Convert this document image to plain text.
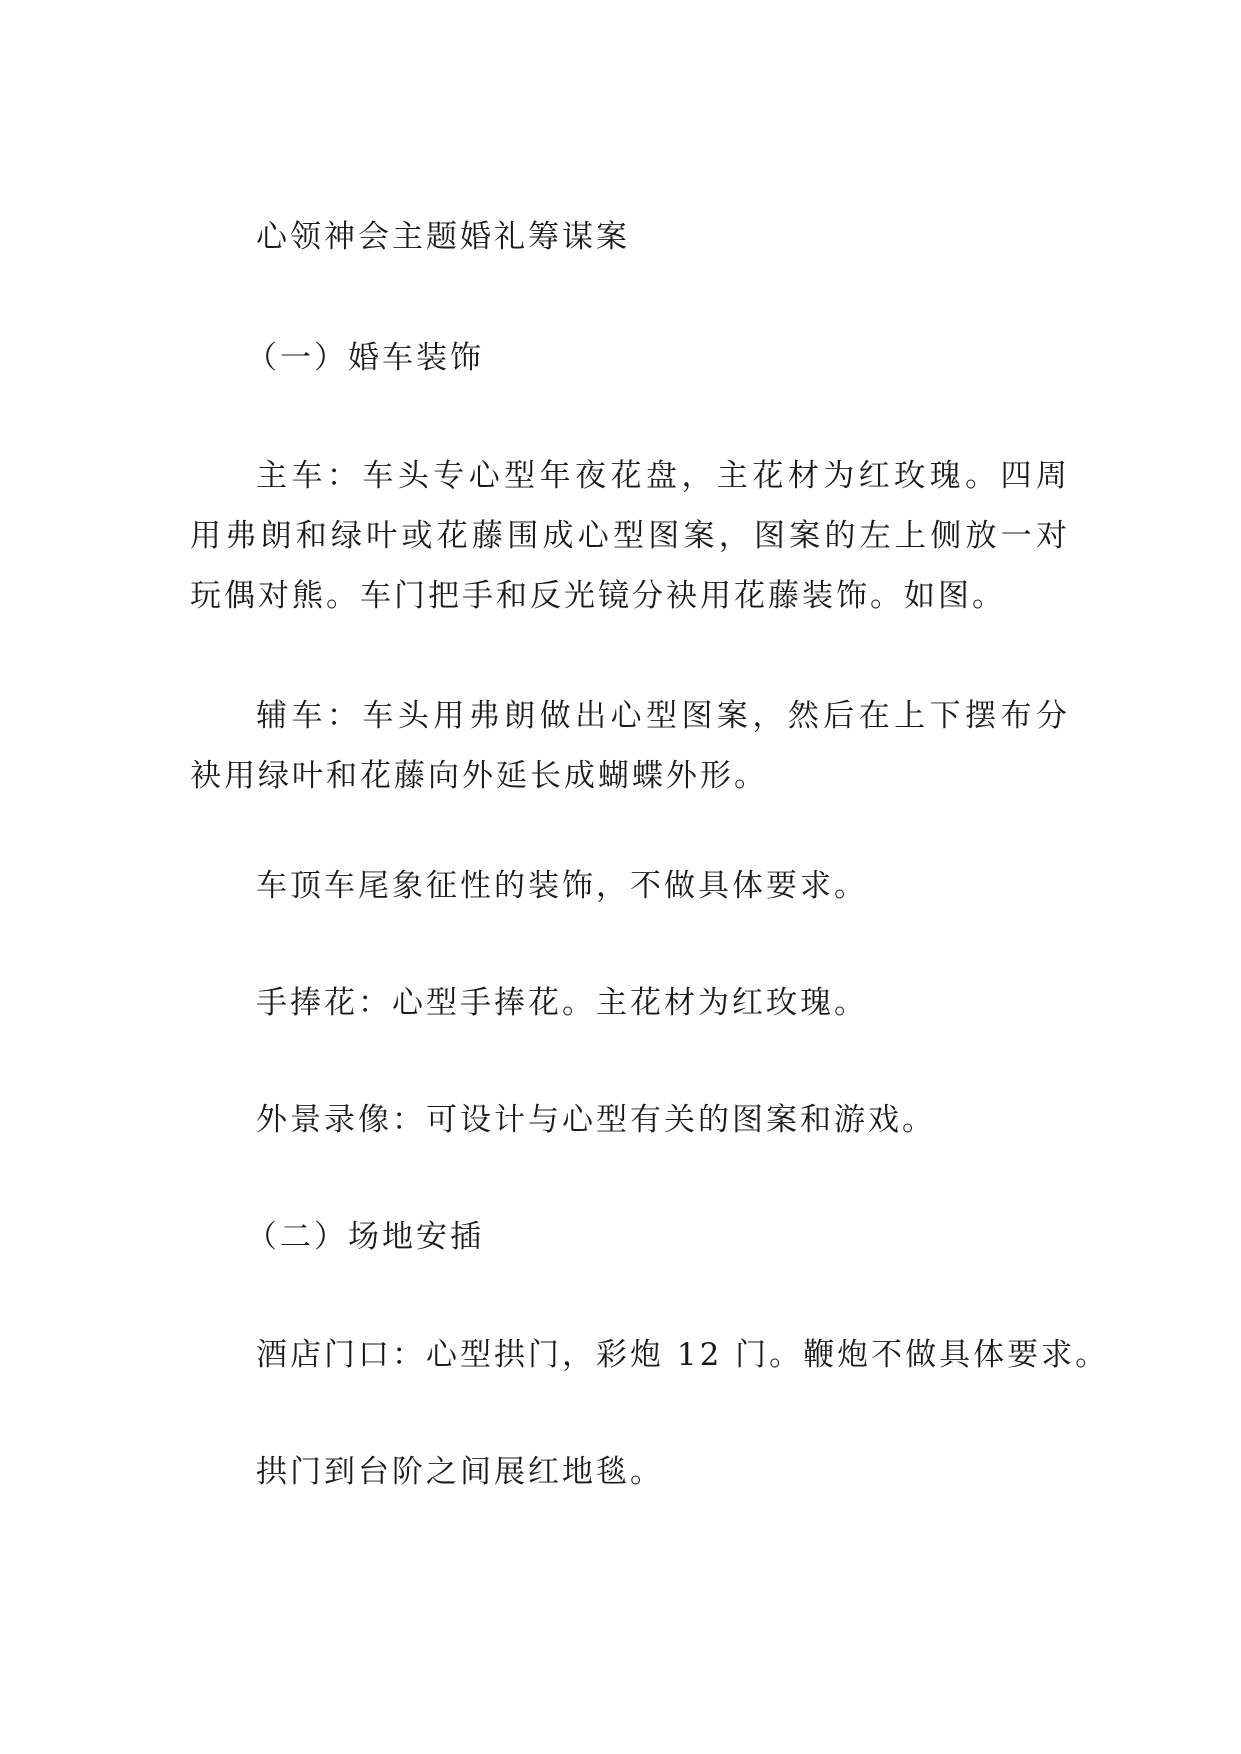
心领神会主题婚礼筹谋案
（一）婚车装饰
主车：车头专心型年夜花盘，主花材为红玫瑰。四周用弗朗和绿叶或花藤围成心型图案，图案的左上侧放一对玩偶对熊。车门把手和反光镜分袂用花藤装饰。如图。
辅车：车头用弗朗做出心型图案，然后在上下摆布分袂用绿叶和花藤向外延长成蝴蝶外形。
车顶车尾象征性的装饰，不做具体要求。
手捧花：心型手捧花。主花材为红玫瑰。
外景录像：可设计与心型有关的图案和游戏。
（二）场地安插
酒店门口：心型拱门，彩炮 12 门。鞭炮不做具体要求。
拱门到台阶之间展红地毯。
